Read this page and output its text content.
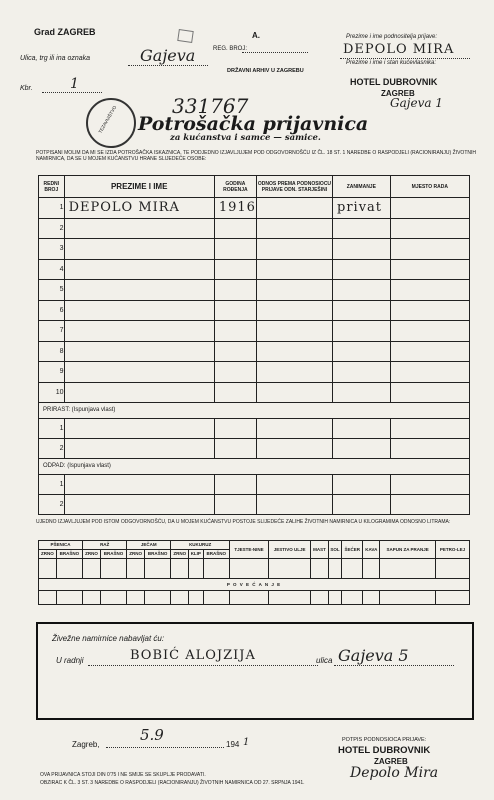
Grad ZAGREB	A.
REG. BROJ:
Ulica, trg ili ina oznaka	Gajeva
DRŽAVNI ARHIV U ZAGREBU
Kbr.	1
TEZAVNIŠTVO	331767
Potrošačka prijavnica
za kućanstva i samce — samice.
Prezime i ime podnositelja prijave:
DEPOLO MIRA
Prezime i ime i stan kućevlasnika:
HOTEL DUBROVNIK
ZAGREB
Gajeva 1
POTPISANI MOLIM DA MI SE IZDA POTROŠAČKA ISKAZNICA, TE PODJEDNO IZJAVLJUJEM POD ODGOVORNOŠĆU IZ ČL. 18 ST. 1 NAREDBE O RASPODJELI (RACIONIRANJU) ŽIVOTNIH NAMIRNICA, DA SE U MOJEM KUĆANSTVU HRANE SLIJEDEĆE OSOBE:
REDNI BROJ	PREZIME I IME	GODINA ROĐENJA	ODNOS PREMA PODNOSIOCU PRIJAVE ODN. STARJEŠINI	ZANIMANJE	MJESTO RADA
1	DEPOLO MIRA	1916		privat	
2					
3					
4					
5					
6					
7					
8					
9					
10					
PRIRAST: (Ispunjava vlast)					
1					
2					
ODPAD: (Ispunjava vlast)					
1					
2					
UJEDNO IZJAVLJUJEM POD ISTOM ODGOVORNOŠĆU, DA U MOJEM KUĆANSTVU POSTOJE SLIJEDEĆE ZALIHE ŽIVOTNIH NAMIRNICA U KILOGRAMIMA ODNOSNO LITRAMA:
PŠENICA		RAŽ		JEČAM		KUKURUZ			TJESTE-NINE	JESTIVO ULJE	MAST	SOL	ŠEĆER	KAVA	SAPUN ZA PRANJE	PETRO-LEJ
ZRNO	BRAŠNO	ZRNO	BRAŠNO	ZRNO	BRAŠNO	ZRNO	KLIP	BRAŠNO								

P O V E Ć A N J E																

Živežne namirnice nabavljat ću:
U radnji	BOBIĆ ALOJZIJA	ulica Gajeva 5
Zagreb,
5.9
194 1	POTPIS PODNOSIOCA PRIJAVE:
HOTEL DUBROVNIK
ZAGREB
Depolo Mira
OVA PRIJAVNICA STOJI DIN 0'75 I NE SMIJE SE SKUPLJE PRODAVATI.
OBZIRAC K ČL. 3 ST. 3 NAREDBE O RASPODJELI (RACIONIRANJU) ŽIVOTNIH NAMIRNICA OD 27. SRPNJA 1941.
